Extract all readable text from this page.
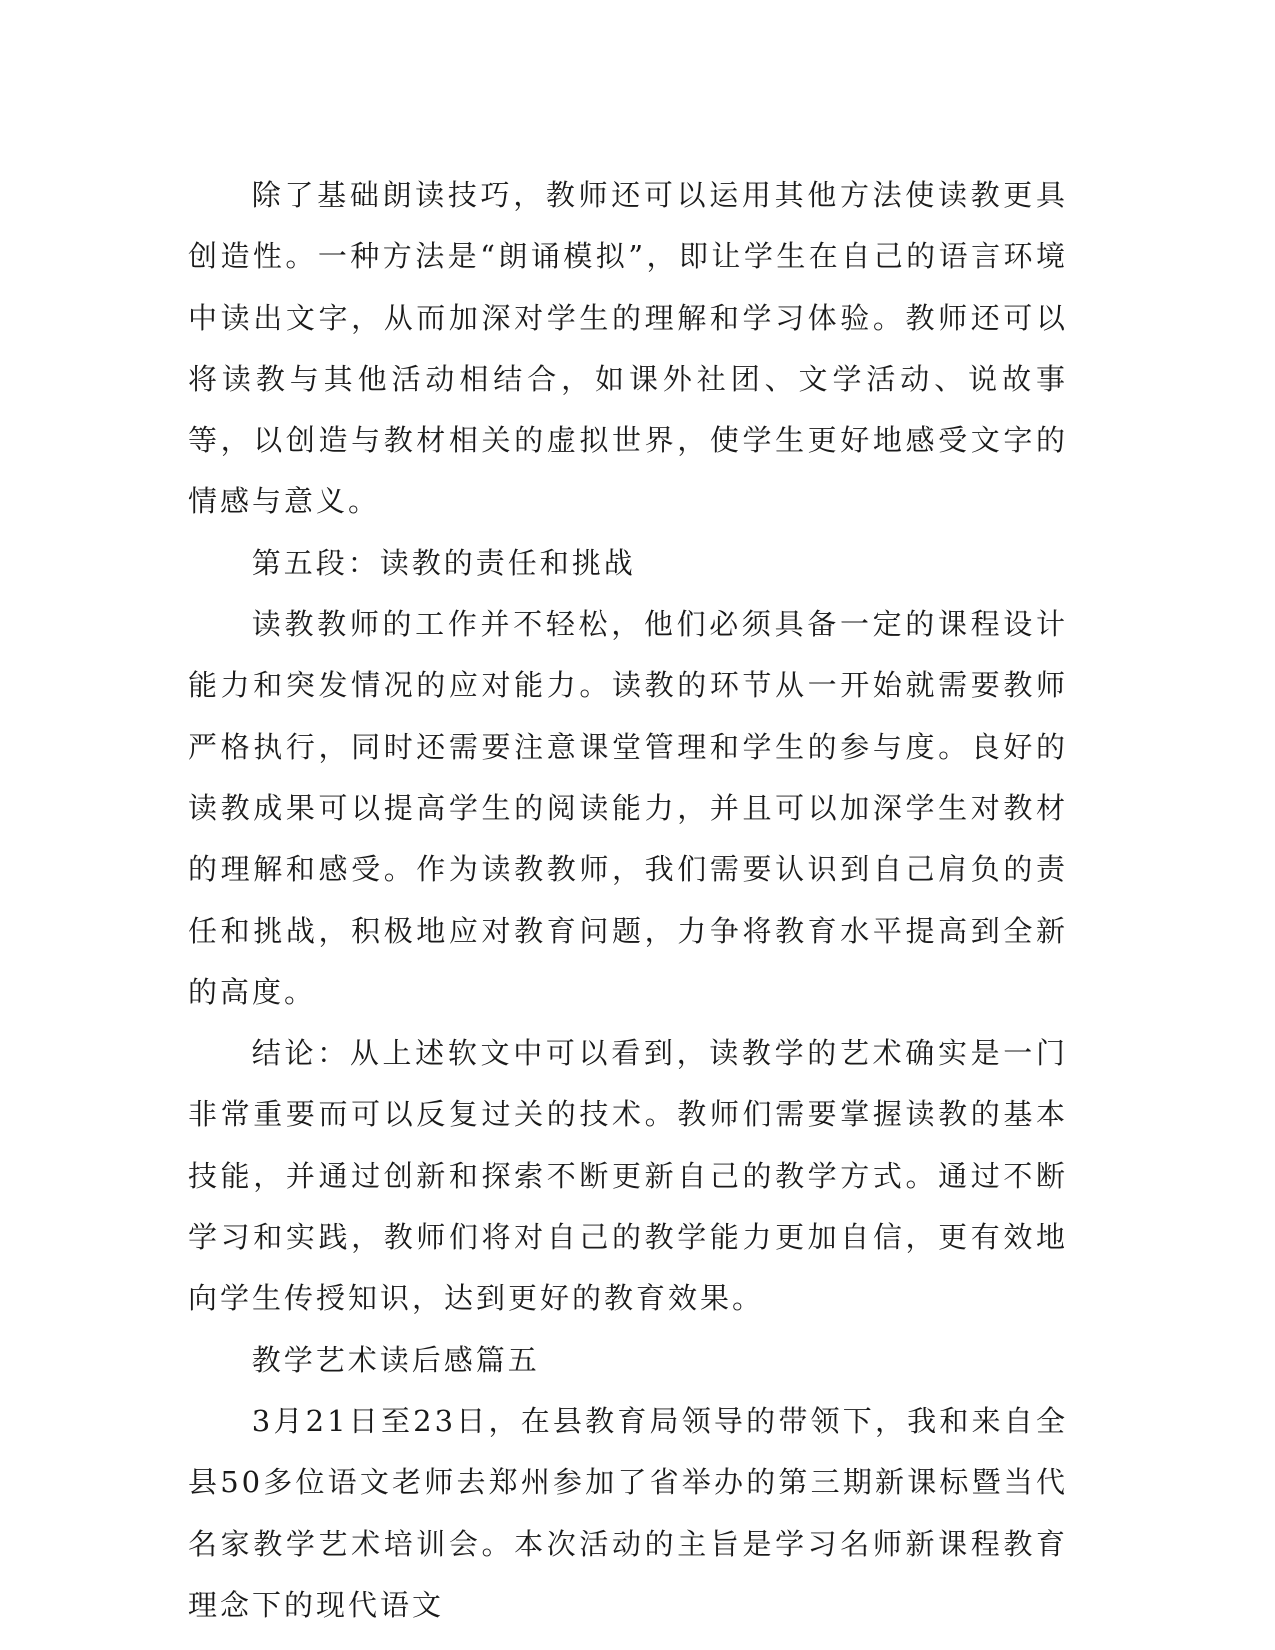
除了基础朗读技巧，教师还可以运用其他方法使读教更具创造性。一种方法是“朗诵模拟”，即让学生在自己的语言环境中读出文字，从而加深对学生的理解和学习体验。教师还可以将读教与其他活动相结合，如课外社团、文学活动、说故事等，以创造与教材相关的虚拟世界，使学生更好地感受文字的情感与意义。

第五段：读教的责任和挑战

读教教师的工作并不轻松，他们必须具备一定的课程设计能力和突发情况的应对能力。读教的环节从一开始就需要教师严格执行，同时还需要注意课堂管理和学生的参与度。良好的读教成果可以提高学生的阅读能力，并且可以加深学生对教材的理解和感受。作为读教教师，我们需要认识到自己肩负的责任和挑战，积极地应对教育问题，力争将教育水平提高到全新的高度。

结论：从上述软文中可以看到，读教学的艺术确实是一门非常重要而可以反复过关的技术。教师们需要掌握读教的基本技能，并通过创新和探索不断更新自己的教学方式。通过不断学习和实践，教师们将对自己的教学能力更加自信，更有效地向学生传授知识，达到更好的教育效果。

教学艺术读后感篇五

3月21日至23日，在县教育局领导的带领下，我和来自全县50多位语文老师去郑州参加了省举办的第三期新课标暨当代名家教学艺术培训会。本次活动的主旨是学习名师新课程教育理念下的现代语文
